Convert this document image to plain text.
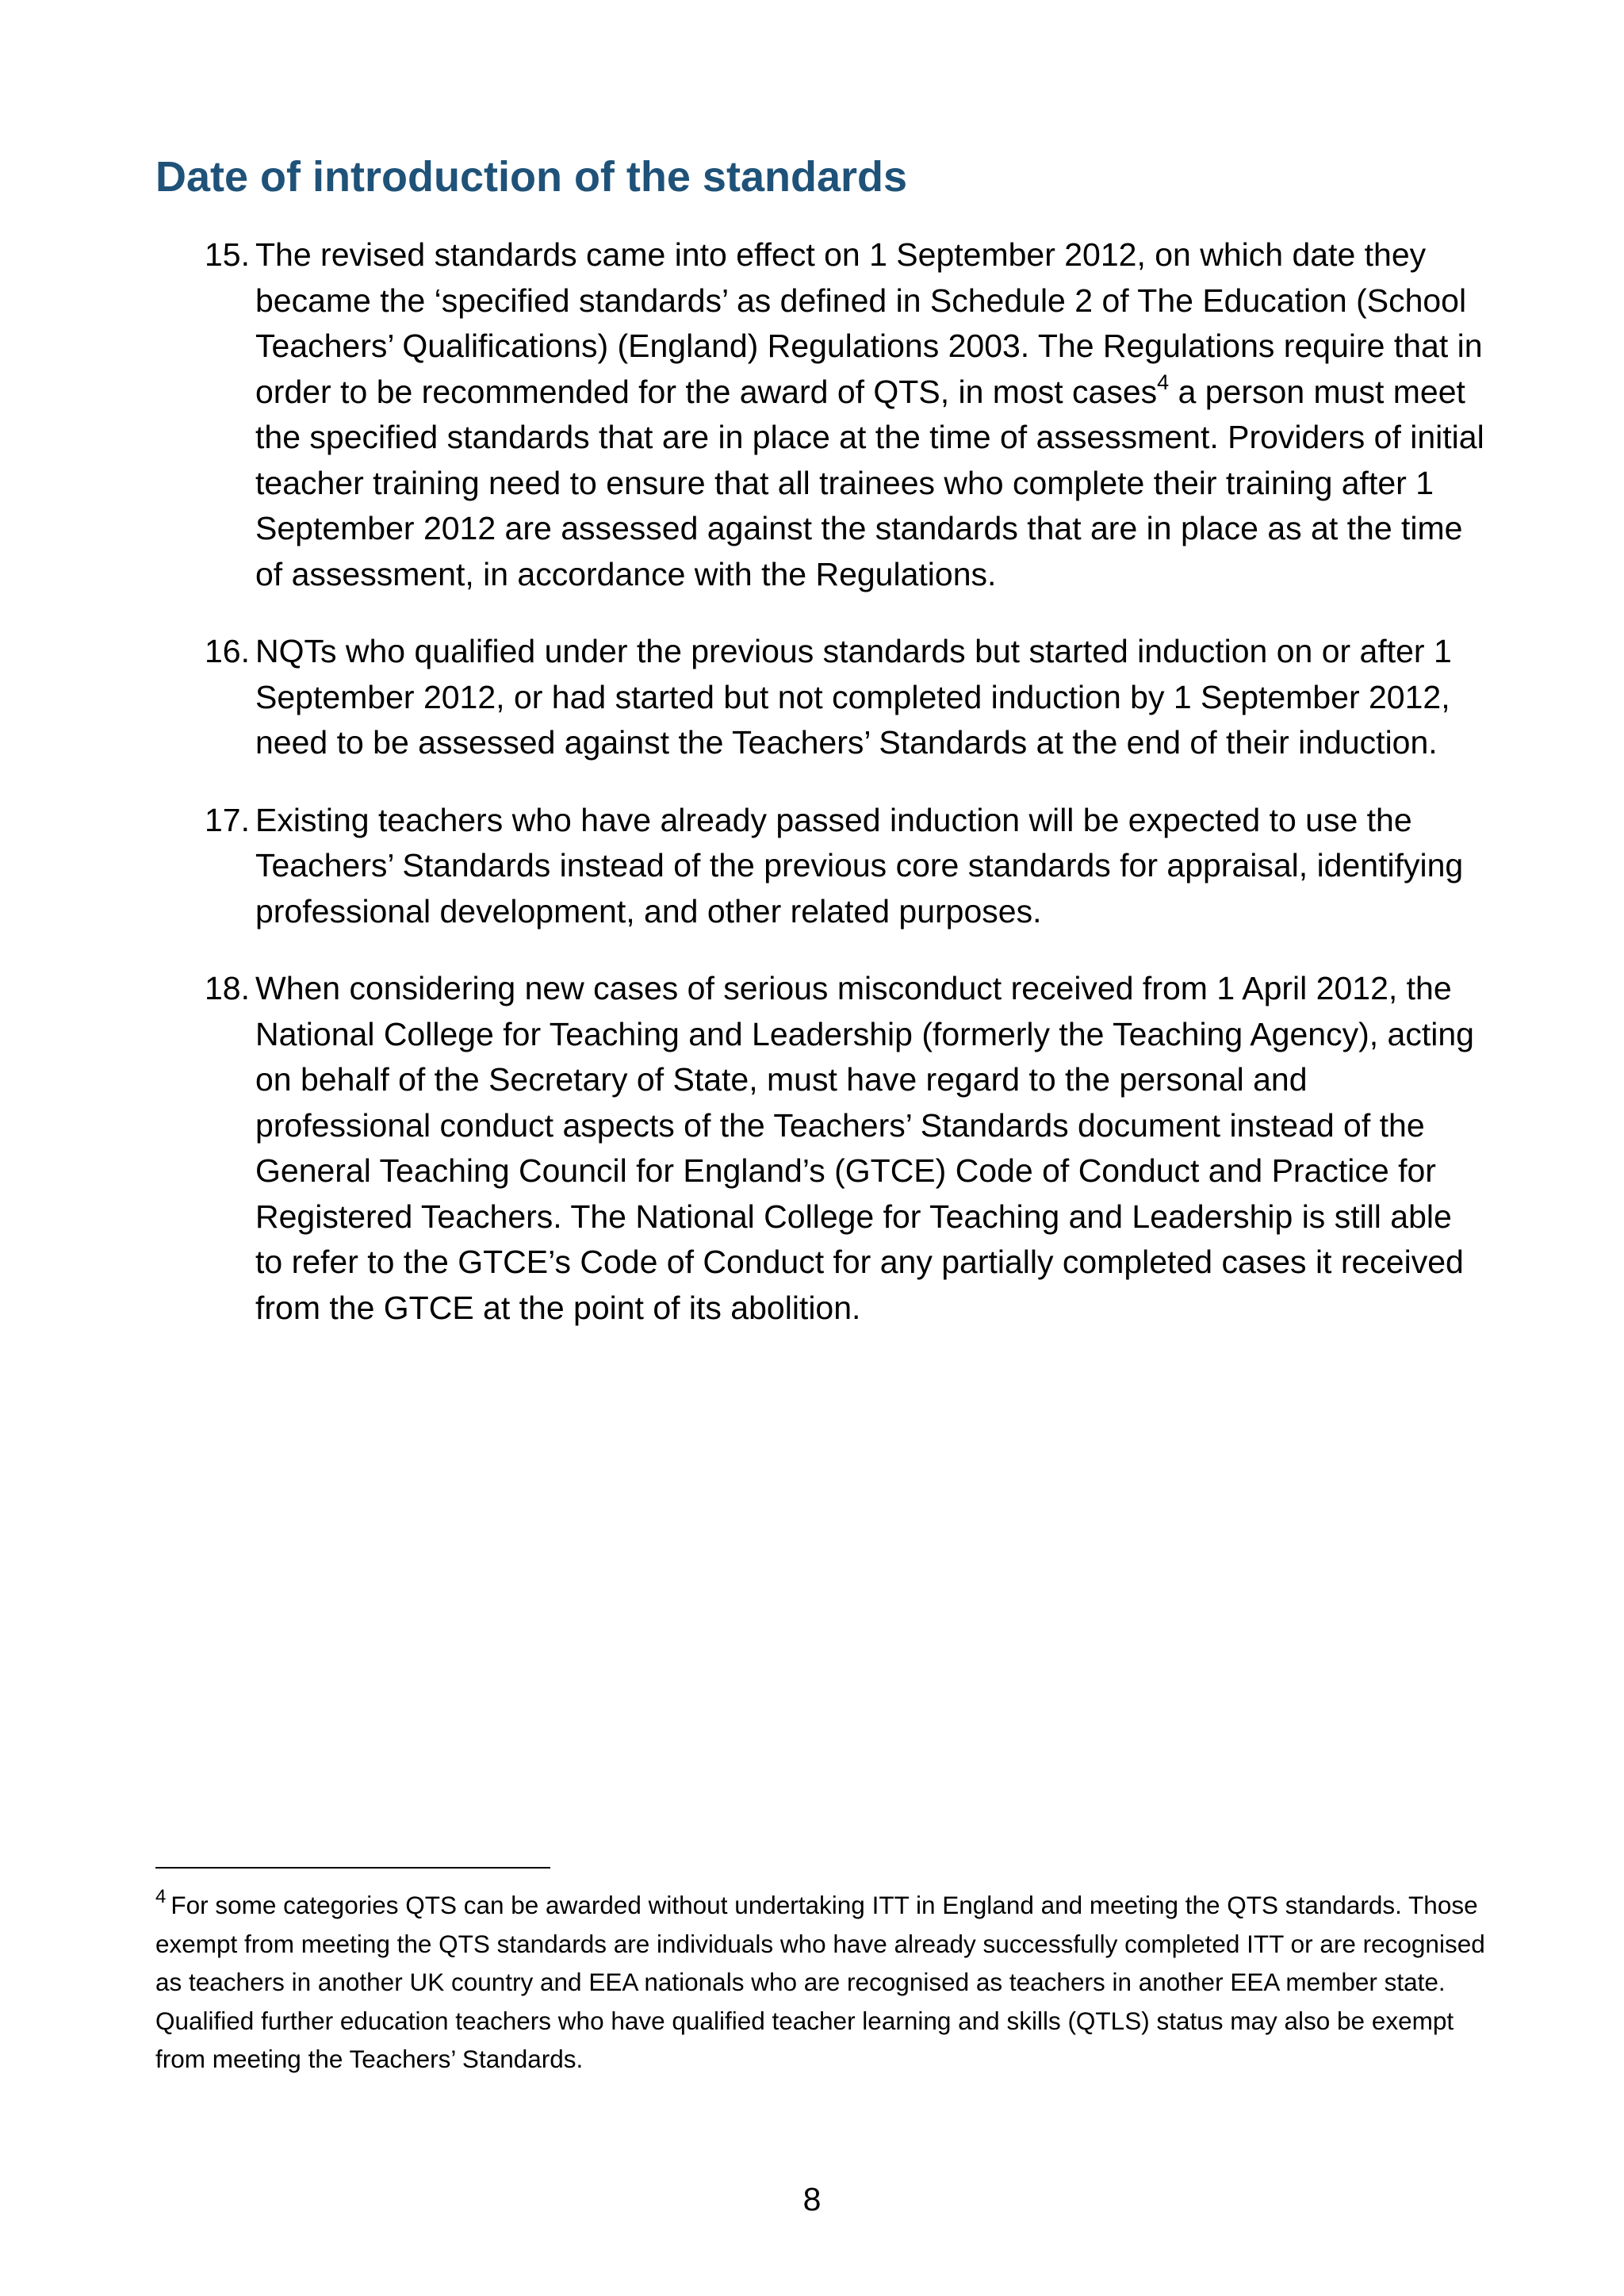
Date of introduction of the standards
15. The revised standards came into effect on 1 September 2012, on which date they became the ‘specified standards’ as defined in Schedule 2 of The Education (School Teachers’ Qualifications) (England) Regulations 2003. The Regulations require that in order to be recommended for the award of QTS, in most cases$^4$ a person must meet the specified standards that are in place at the time of assessment. Providers of initial teacher training need to ensure that all trainees who complete their training after 1 September 2012 are assessed against the standards that are in place as at the time of assessment, in accordance with the Regulations.
16. NQTs who qualified under the previous standards but started induction on or after 1 September 2012, or had started but not completed induction by 1 September 2012, need to be assessed against the Teachers’ Standards at the end of their induction.
17. Existing teachers who have already passed induction will be expected to use the Teachers’ Standards instead of the previous core standards for appraisal, identifying professional development, and other related purposes.
18. When considering new cases of serious misconduct received from 1 April 2012, the National College for Teaching and Leadership (formerly the Teaching Agency), acting on behalf of the Secretary of State, must have regard to the personal and professional conduct aspects of the Teachers’ Standards document instead of the General Teaching Council for England’s (GTCE) Code of Conduct and Practice for Registered Teachers. The National College for Teaching and Leadership is still able to refer to the GTCE’s Code of Conduct for any partially completed cases it received from the GTCE at the point of its abolition.

$^4$ For some categories QTS can be awarded without undertaking ITT in England and meeting the QTS standards. Those exempt from meeting the QTS standards are individuals who have already successfully completed ITT or are recognised as teachers in another UK country and EEA nationals who are recognised as teachers in another EEA member state. Qualified further education teachers who have qualified teacher learning and skills (QTLS) status may also be exempt from meeting the Teachers’ Standards.

8
